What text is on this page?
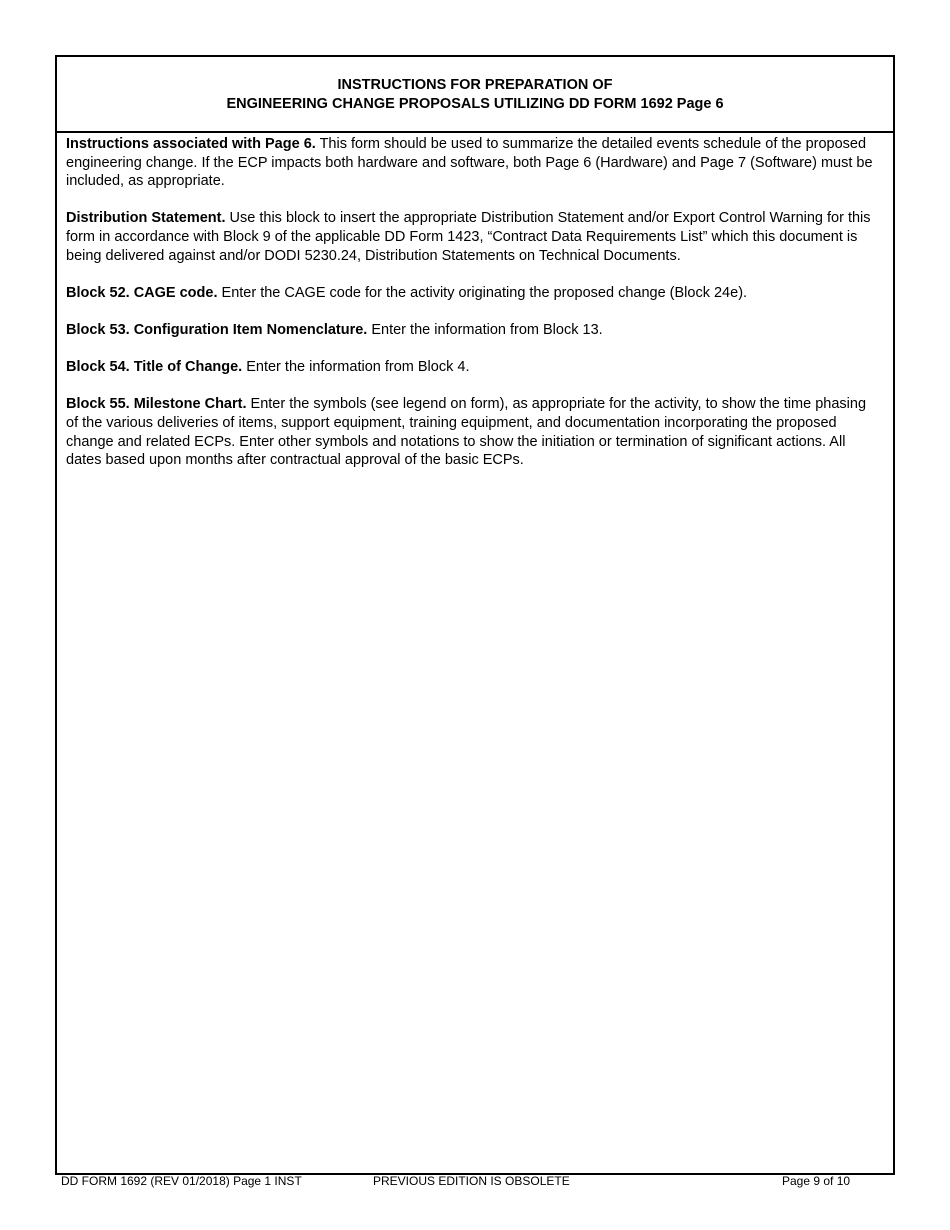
INSTRUCTIONS FOR PREPARATION OF
ENGINEERING CHANGE PROPOSALS UTILIZING DD FORM 1692 Page 6

Instructions associated with Page 6. This form should be used to summarize the detailed events schedule of the proposed engineering change. If the ECP impacts both hardware and software, both Page 6 (Hardware) and Page 7 (Software) must be included, as appropriate.

Distribution Statement. Use this block to insert the appropriate Distribution Statement and/or Export Control Warning for this form in accordance with Block 9 of the applicable DD Form 1423, “Contract Data Requirements List” which this document is being delivered against and/or DODI 5230.24, Distribution Statements on Technical Documents.

Block 52. CAGE code. Enter the CAGE code for the activity originating the proposed change (Block 24e).

Block 53. Configuration Item Nomenclature. Enter the information from Block 13.

Block 54. Title of Change. Enter the information from Block 4.

Block 55. Milestone Chart. Enter the symbols (see legend on form), as appropriate for the activity, to show the time phasing of the various deliveries of items, support equipment, training equipment, and documentation incorporating the proposed change and related ECPs. Enter other symbols and notations to show the initiation or termination of significant actions. All dates based upon months after contractual approval of the basic ECPs.

DD FORM 1692 (REV 01/2018) Page 1 INST	PREVIOUS EDITION IS OBSOLETE	Page 9 of 10
